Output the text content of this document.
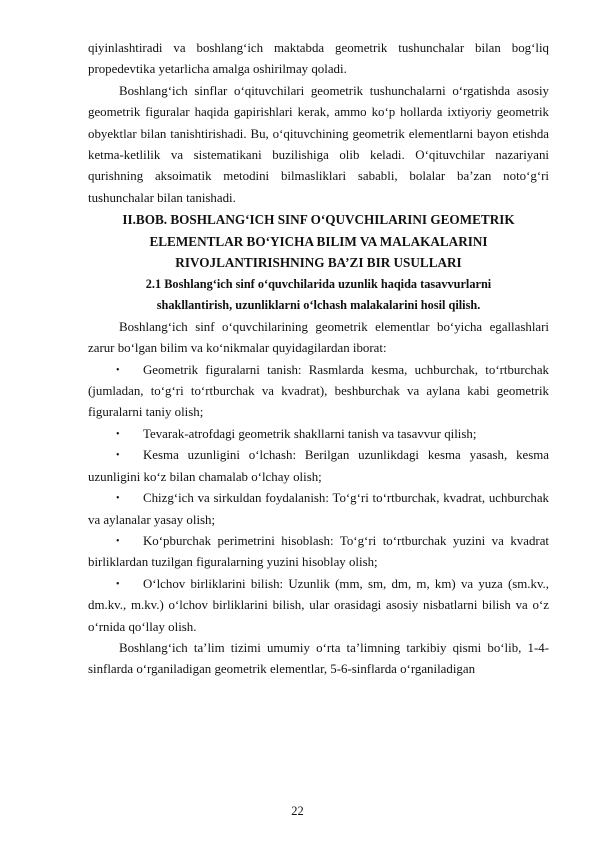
qiyinlashtiradi va boshlang‘ich maktabda geometrik tushunchalar bilan bog‘liq propedevtika yetarlicha amalga oshirilmay qoladi.

Boshlang‘ich sinflar o‘qituvchilari geometrik tushunchalarni o‘rgatishda asosiy geometrik figuralar haqida gapirishlari kerak, ammo ko‘p hollarda ixtiyoriy geometrik obyektlar bilan tanishtirishadi. Bu, o‘qituvchining geometrik elementlarni bayon etishda ketma-ketlilik va sistematikani buzilishiga olib keladi. O‘qituvchilar nazariyani qurishning aksoimatik metodini bilmasliklari sababli, bolalar ba’zan noto‘g‘ri tushunchalar bilan tanishadi.

II.BOB. BOSHLANG‘ICH SINF O‘QUVCHILARINI GEOMETRIK ELEMENTLAR BO‘YICHA BILIM VA MALAKALARINI RIVOJLANTIRISHNING BA’ZI BIR USULLARI

2.1 Boshlang‘ich sinf o‘quvchilarida uzunlik haqida tasavvurlarni shakllantirish, uzunliklarni o‘lchash malakalarini hosil qilish.

Boshlang‘ich sinf o‘quvchilarining geometrik elementlar bo‘yicha egallashlari zarur bo‘lgan bilim va ko‘nikmalar quyidagilardan iborat:

• Geometrik figuralarni tanish: Rasmlarda kesma, uchburchak, to‘rtburchak (jumladan, to‘g‘ri to‘rtburchak va kvadrat), beshburchak va aylana kabi geometrik figuralarni taniy olish;
• Tevarak-atrofdagi geometrik shakllarni tanish va tasavvur qilish;
• Kesma uzunligini o‘lchash: Berilgan uzunlikdagi kesma yasash, kesma uzunligini ko‘z bilan chamalab o‘lchay olish;
• Chizg‘ich va sirkuldan foydalanish: To‘g‘ri to‘rtburchak, kvadrat, uchburchak va aylanalar yasay olish;
• Ko‘pburchak perimetrini hisoblash: To‘g‘ri to‘rtburchak yuzini va kvadrat birliklardan tuzilgan figuralarning yuzini hisoblay olish;
• O‘lchov birliklarini bilish: Uzunlik (mm, sm, dm, m, km) va yuza (sm.kv., dm.kv., m.kv.) o‘lchov birliklarini bilish, ular orasidagi asosiy nisbatlarni bilish va o‘z o‘rnida qo‘llay olish.

Boshlang‘ich ta’lim tizimi umumiy o‘rta ta’limning tarkibiy qismi bo‘lib, 1-4-sinflarda o‘rganiladigan geometrik elementlar, 5-6-sinflarda o‘rganiladigan

22
